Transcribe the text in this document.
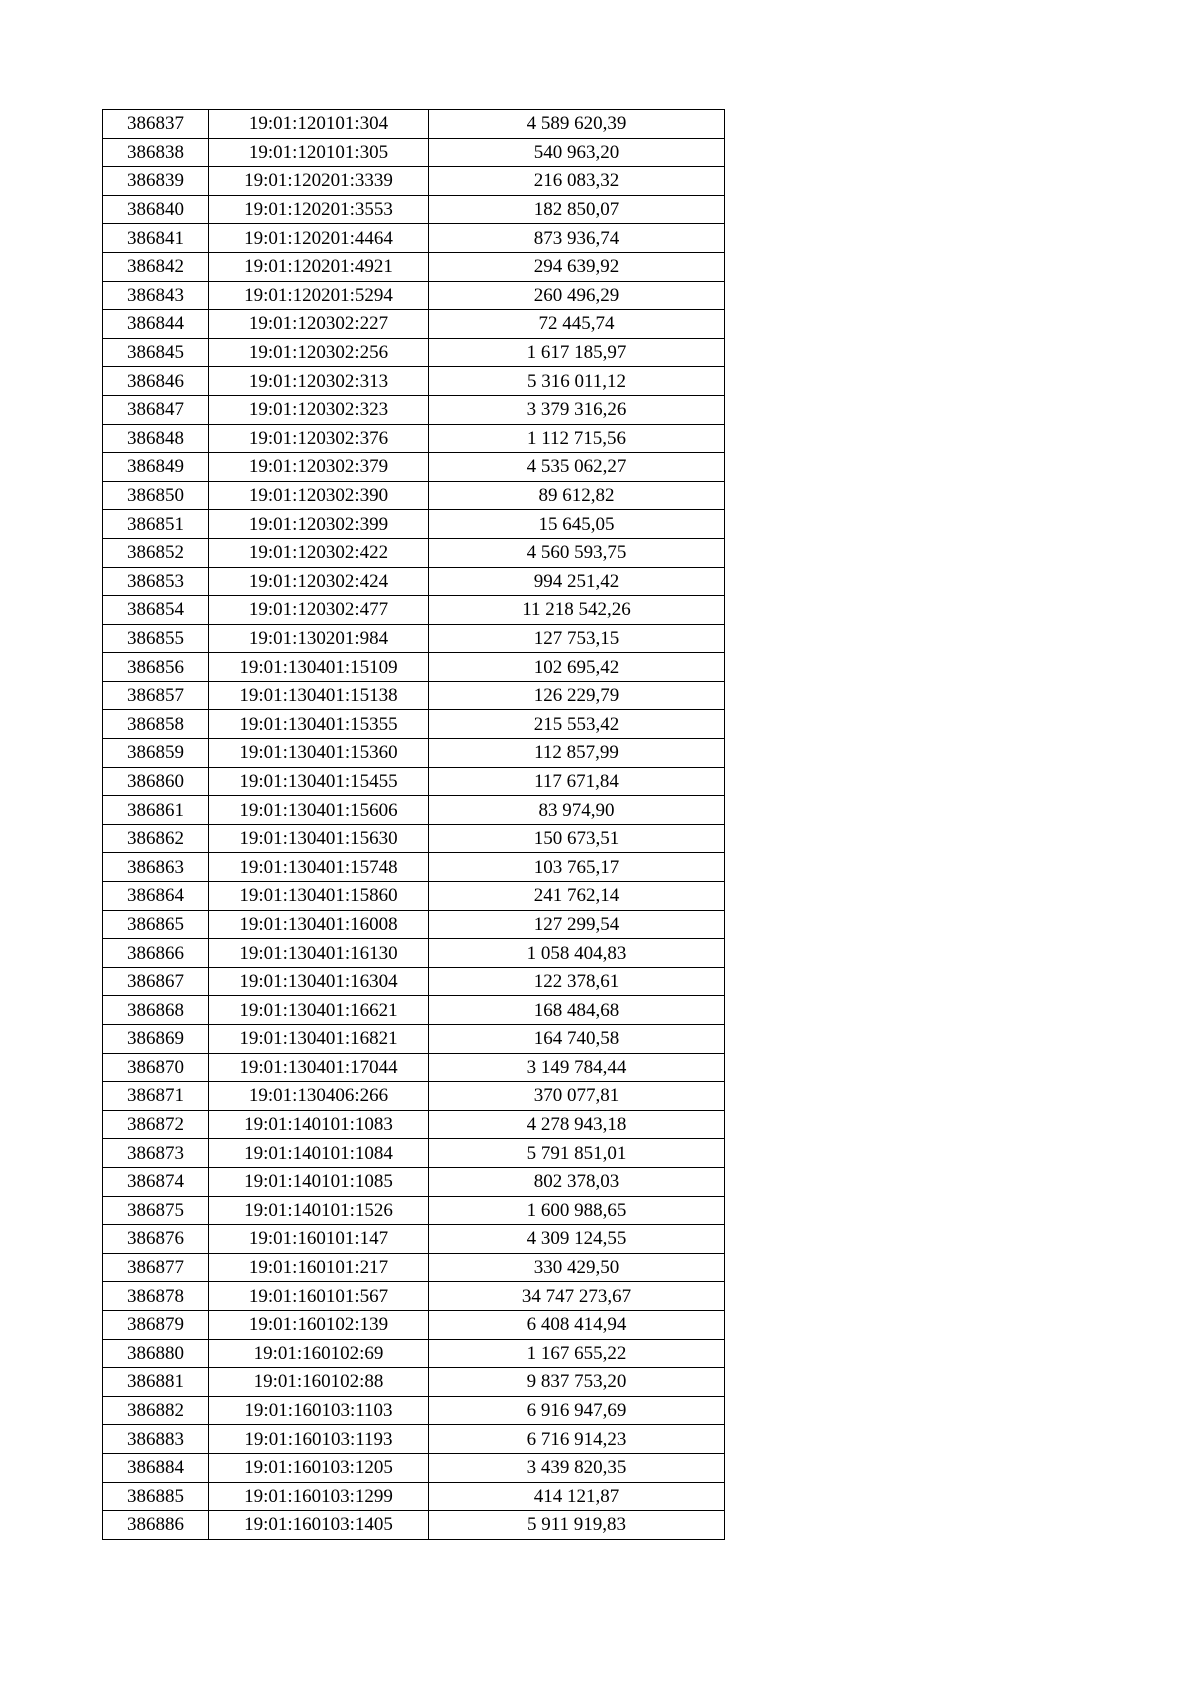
386837	19:01:120101:304	4 589 620,39
386838	19:01:120101:305	540 963,20
386839	19:01:120201:3339	216 083,32
386840	19:01:120201:3553	182 850,07
386841	19:01:120201:4464	873 936,74
386842	19:01:120201:4921	294 639,92
386843	19:01:120201:5294	260 496,29
386844	19:01:120302:227	72 445,74
386845	19:01:120302:256	1 617 185,97
386846	19:01:120302:313	5 316 011,12
386847	19:01:120302:323	3 379 316,26
386848	19:01:120302:376	1 112 715,56
386849	19:01:120302:379	4 535 062,27
386850	19:01:120302:390	89 612,82
386851	19:01:120302:399	15 645,05
386852	19:01:120302:422	4 560 593,75
386853	19:01:120302:424	994 251,42
386854	19:01:120302:477	11 218 542,26
386855	19:01:130201:984	127 753,15
386856	19:01:130401:15109	102 695,42
386857	19:01:130401:15138	126 229,79
386858	19:01:130401:15355	215 553,42
386859	19:01:130401:15360	112 857,99
386860	19:01:130401:15455	117 671,84
386861	19:01:130401:15606	83 974,90
386862	19:01:130401:15630	150 673,51
386863	19:01:130401:15748	103 765,17
386864	19:01:130401:15860	241 762,14
386865	19:01:130401:16008	127 299,54
386866	19:01:130401:16130	1 058 404,83
386867	19:01:130401:16304	122 378,61
386868	19:01:130401:16621	168 484,68
386869	19:01:130401:16821	164 740,58
386870	19:01:130401:17044	3 149 784,44
386871	19:01:130406:266	370 077,81
386872	19:01:140101:1083	4 278 943,18
386873	19:01:140101:1084	5 791 851,01
386874	19:01:140101:1085	802 378,03
386875	19:01:140101:1526	1 600 988,65
386876	19:01:160101:147	4 309 124,55
386877	19:01:160101:217	330 429,50
386878	19:01:160101:567	34 747 273,67
386879	19:01:160102:139	6 408 414,94
386880	19:01:160102:69	1 167 655,22
386881	19:01:160102:88	9 837 753,20
386882	19:01:160103:1103	6 916 947,69
386883	19:01:160103:1193	6 716 914,23
386884	19:01:160103:1205	3 439 820,35
386885	19:01:160103:1299	414 121,87
386886	19:01:160103:1405	5 911 919,83
